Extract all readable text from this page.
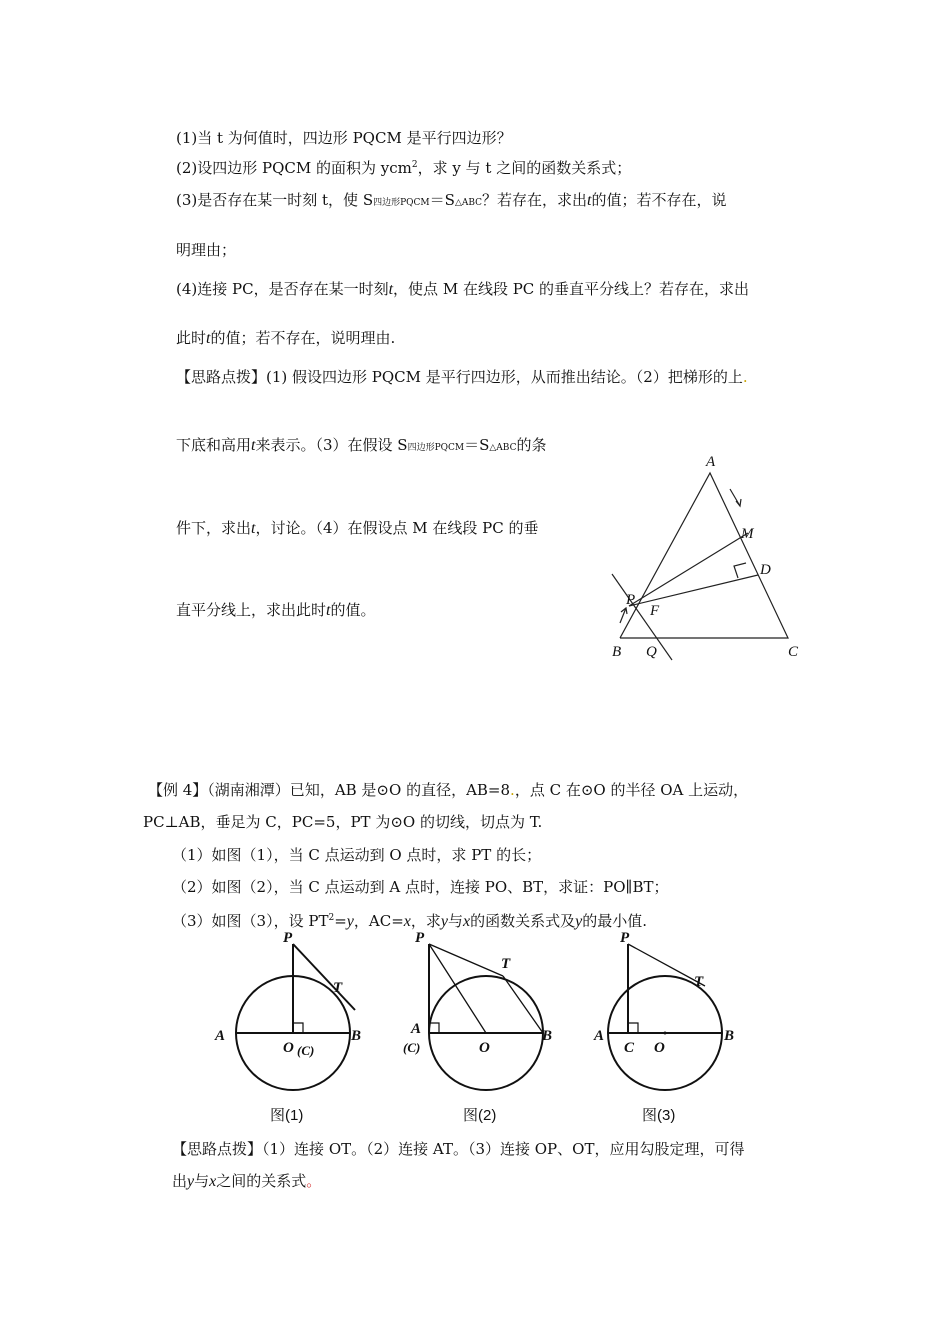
(1)当 t 为何值时，四边形 PQCM 是平行四边形？
(2)设四边形 PQCM 的面积为 ycm$^2$，求 y 与 t 之间的函数关系式；
(3)是否存在某一时刻 t，使 S四边形PQCM＝S△ABC？若存在，求出t的值；若不存在，说
明理由；
(4)连接 PC，是否存在某一时刻t，使点 M 在线段 PC 的垂直平分线上？若存在，求出
此时t的值；若不存在，说明理由.
【思路点拨】(1) 假设四边形 PQCM 是平行四边形，从而推出结论。（2）把梯形的上.
下底和高用t来表示。（3）在假设 S四边形PQCM＝S△ABC的条
件下，求出t，讨论。（4）在假设点 M 在线段 PC 的垂
直平分线上，求出此时t的值。
A
M
D
P
F
B Q	C
【例 4】（湖南湘潭）已知，AB 是⊙O 的直径，AB=8.，点 C 在⊙O 的半径 OA 上运动，
PC⊥AB，垂足为 C，PC=5，PT 为⊙O 的切线，切点为 T.
（1）如图（1），当 C 点运动到 O 点时，求 PT 的长；
（2）如图（2），当 C 点运动到 A 点时，连接 PO、BT，求证：PO∥BT；
（3）如图（3），设 $PT^2=y$，AC=x，求y与x的函数关系式及y的最小值.
P
T
A	B
O (C)
图(1)
P
T
A	B
O
(C)
图(2)
P
T
A	B
C O
图(3)
【思路点拨】（1）连接 OT。（2）连接 AT。（3）连接 OP、OT，应用勾股定理，可得
出y与x之间的关系式。
